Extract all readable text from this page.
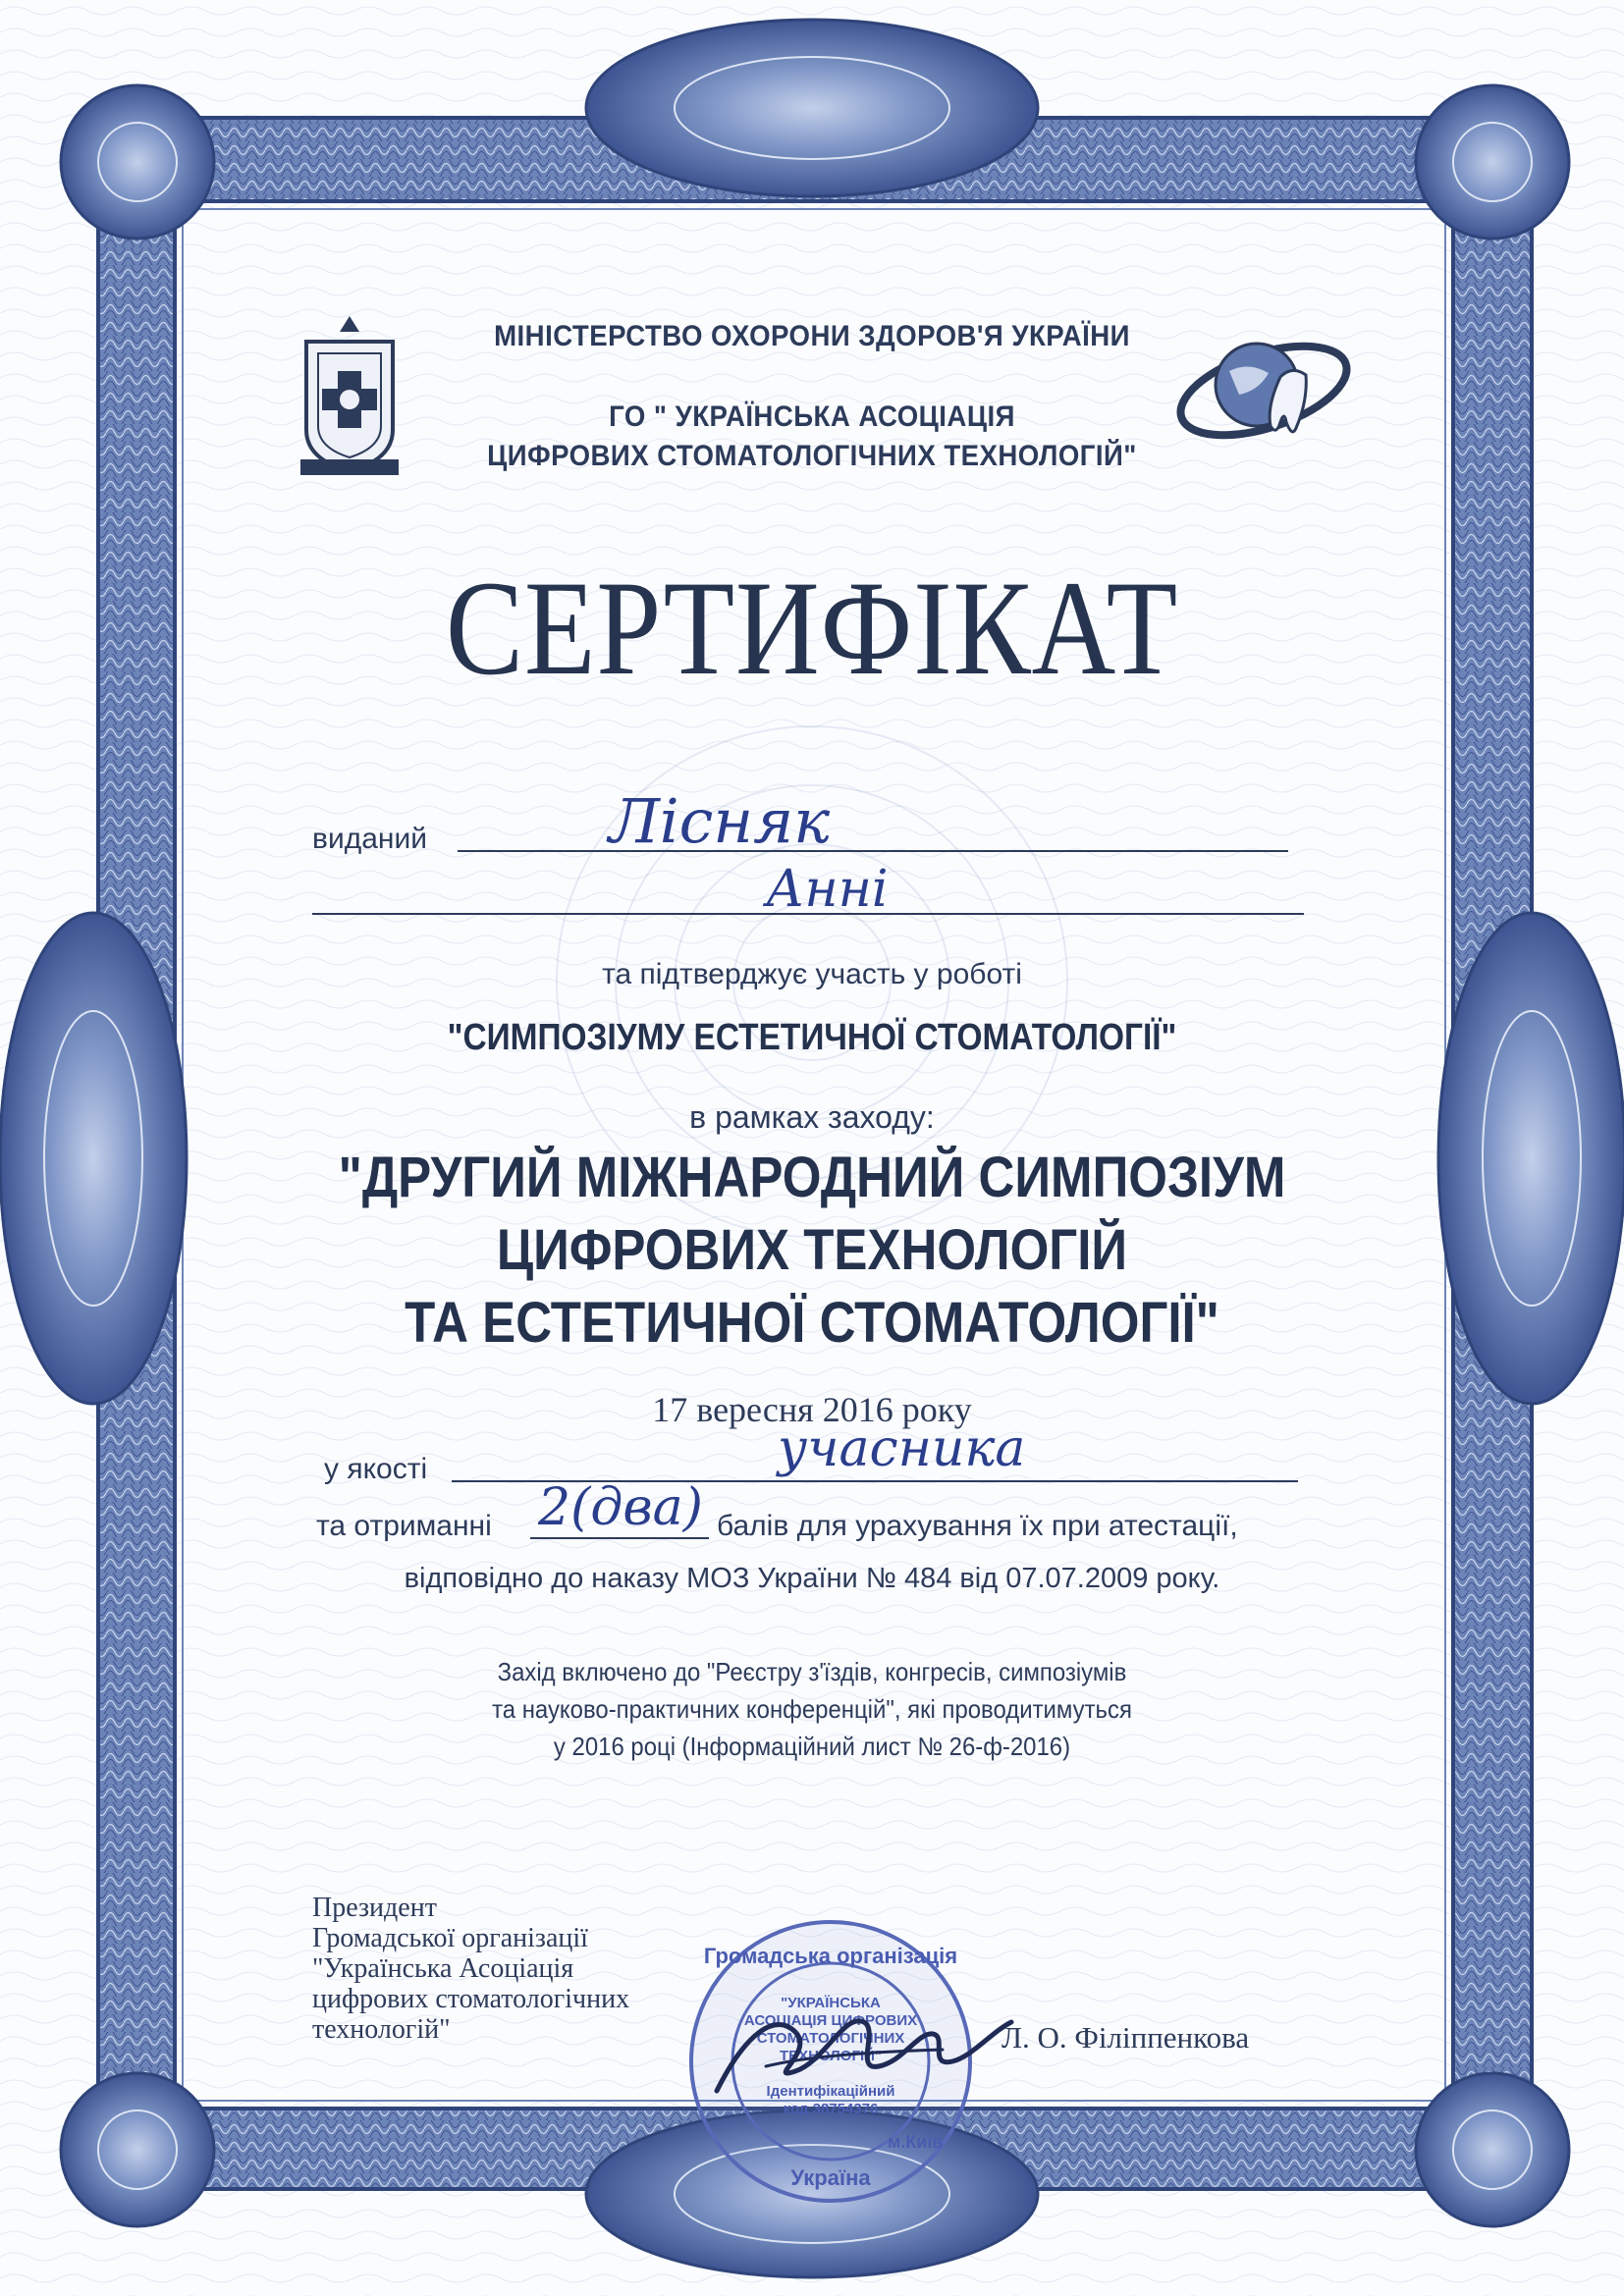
МІНІСТЕРСТВО ОХОРОНИ ЗДОРОВ'Я УКРАЇНИ
ГО " УКРАЇНСЬКА АСОЦІАЦІЯ
ЦИФРОВИХ СТОМАТОЛОГІЧНИХ ТЕХНОЛОГІЙ"
СЕРТИФІКАТ
виданий	Лісняк
Анні
та підтверджує участь у роботі
"СИМПОЗІУМУ ЕСТЕТИЧНОЇ СТОМАТОЛОГІЇ"
в рамках заходу:
"ДРУГИЙ МІЖНАРОДНИЙ СИМПОЗІУМ
ЦИФРОВИХ ТЕХНОЛОГІЙ
ТА ЕСТЕТИЧНОЇ СТОМАТОЛОГІЇ"
17 вересня 2016 року
у якості	учасника
та отриманні 2(два) балів для урахування їх при атестації,
відповідно до наказу МОЗ України № 484 від 07.07.2009 року.
Захід включено до "Реєстру з'їздів, конгресів, симпозіумів
та науково-практичних конференцій", які проводитимуться
у 2016 році (Інформаційний лист № 26-ф-2016)
Президент
Громадської організації
"Українська Асоціація
цифрових стоматологічних
технологій"
Громадська організація
"УКРАЇНСЬКА
АСОЦІАЦІЯ ЦИФРОВИХ
СТОМАТОЛОГІЧНИХ
ТЕХНОЛОГІЙ"
Ідентифікаційний
код 38754376
м.Київ
Україна
Л. О. Філіппенкова
